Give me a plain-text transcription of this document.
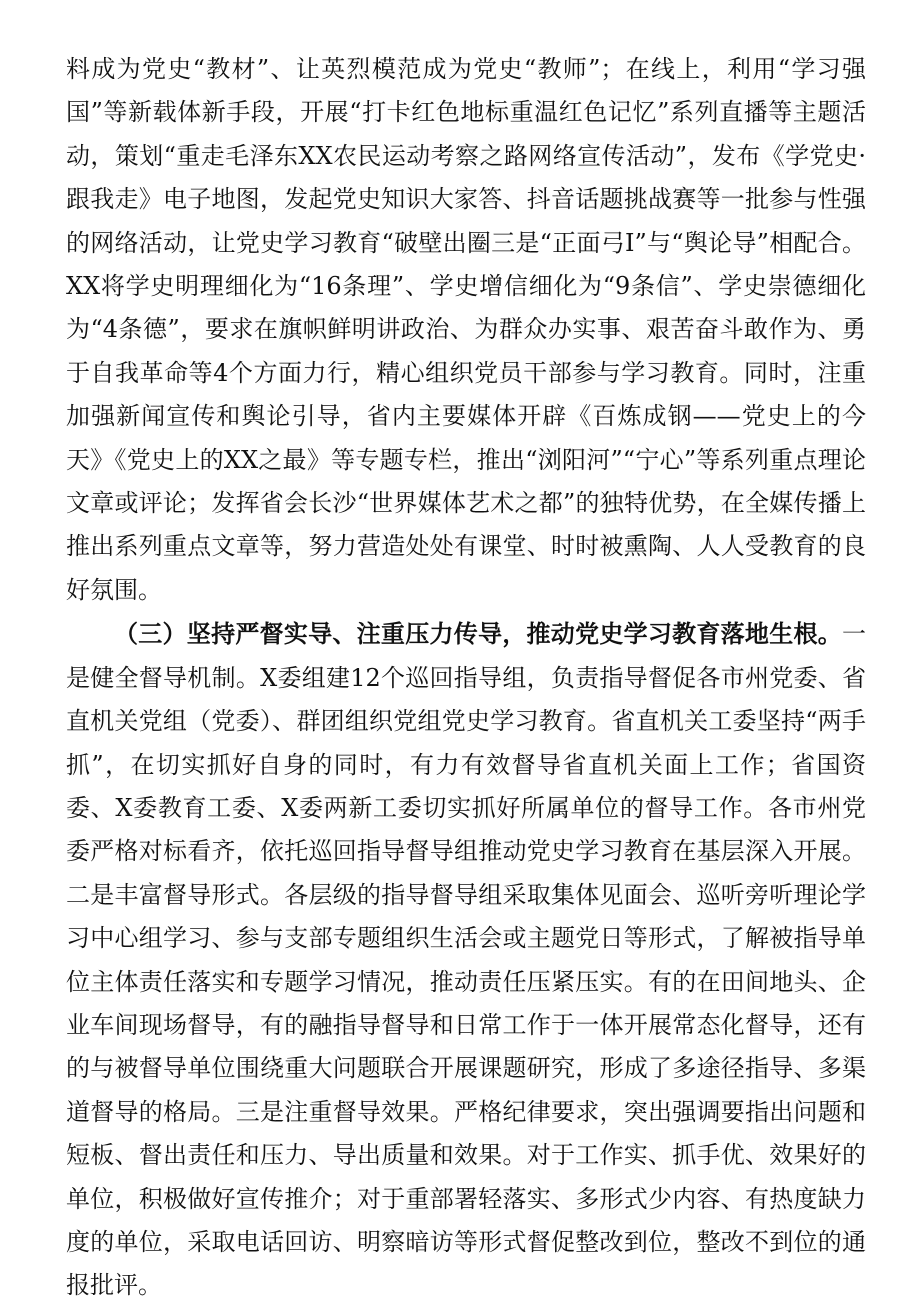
料成为党史“教材”、让英烈模范成为党史“教师”；在线上，利用“学习强国”等新载体新手段，开展“打卡红色地标重温红色记忆”系列直播等主题活动，策划“重走毛泽东XX农民运动考察之路网络宣传活动”，发布《学党史·跟我走》电子地图，发起党史知识大家答、抖音话题挑战赛等一批参与性强的网络活动，让党史学习教育“破壁出圈三是“正面弓I”与“舆论导”相配合。XX将学史明理细化为“16条理”、学史增信细化为“9条信”、学史崇德细化为“4条德”，要求在旗帜鲜明讲政治、为群众办实事、艰苦奋斗敢作为、勇于自我革命等4个方面力行，精心组织党员干部参与学习教育。同时，注重加强新闻宣传和舆论引导，省内主要媒体开辟《百炼成钢——党史上的今天》《党史上的XX之最》等专题专栏，推出“浏阳河”“宁心”等系列重点理论文章或评论；发挥省会长沙“世界媒体艺术之都”的独特优势，在全媒传播上推出系列重点文章等，努力营造处处有课堂、时时被熏陶、人人受教育的良好氛围。

（三）坚持严督实导、注重压力传导，推动党史学习教育落地生根。一是健全督导机制。X委组建12个巡回指导组，负责指导督促各市州党委、省直机关党组（党委）、群团组织党组党史学习教育。省直机关工委坚持“两手抓”，在切实抓好自身的同时，有力有效督导省直机关面上工作；省国资委、X委教育工委、X委两新工委切实抓好所属单位的督导工作。各市州党委严格对标看齐，依托巡回指导督导组推动党史学习教育在基层深入开展。二是丰富督导形式。各层级的指导督导组采取集体见面会、巡听旁听理论学习中心组学习、参与支部专题组织生活会或主题党日等形式，了解被指导单位主体责任落实和专题学习情况，推动责任压紧压实。有的在田间地头、企业车间现场督导，有的融指导督导和日常工作于一体开展常态化督导，还有的与被督导单位围绕重大问题联合开展课题研究，形成了多途径指导、多渠道督导的格局。三是注重督导效果。严格纪律要求，突出强调要指出问题和短板、督出责任和压力、导出质量和效果。对于工作实、抓手优、效果好的单位，积极做好宣传推介；对于重部署轻落实、多形式少内容、有热度缺力度的单位，采取电话回访、明察暗访等形式督促整改到位，整改不到位的通报批评。
